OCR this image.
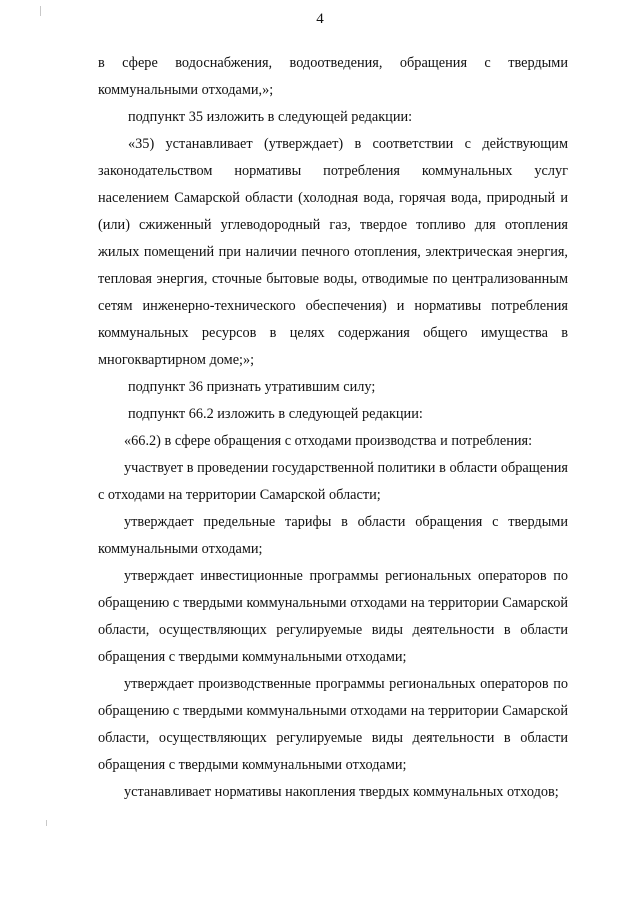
4

в сфере водоснабжения, водоотведения, обращения с твердыми коммунальными отходами,»;

подпункт 35 изложить в следующей редакции:

«35) устанавливает (утверждает) в соответствии с действующим законодательством нормативы потребления коммунальных услуг населением Самарской области (холодная вода, горячая вода, природный и (или) сжиженный углеводородный газ, твердое топливо для отопления жилых помещений при наличии печного отопления, электрическая энергия, тепловая энергия, сточные бытовые воды, отводимые по централизованным сетям инженерно-технического обеспечения) и нормативы потребления коммунальных ресурсов в целях содержания общего имущества в многоквартирном доме;»;

подпункт 36 признать утратившим силу;

подпункт 66.2 изложить в следующей редакции:

«66.2) в сфере обращения с отходами производства и потребления:

участвует в проведении государственной политики в области обращения с отходами на территории Самарской области;

утверждает предельные тарифы в области обращения с твердыми коммунальными отходами;

утверждает инвестиционные программы региональных операторов по обращению с твердыми коммунальными отходами на территории Самарской области, осуществляющих регулируемые виды деятельности в области обращения с твердыми коммунальными отходами;

утверждает производственные программы региональных операторов по обращению с твердыми коммунальными отходами на территории Самарской области, осуществляющих регулируемые виды деятельности в области обращения с твердыми коммунальными отходами;

устанавливает нормативы накопления твердых коммунальных отходов;
